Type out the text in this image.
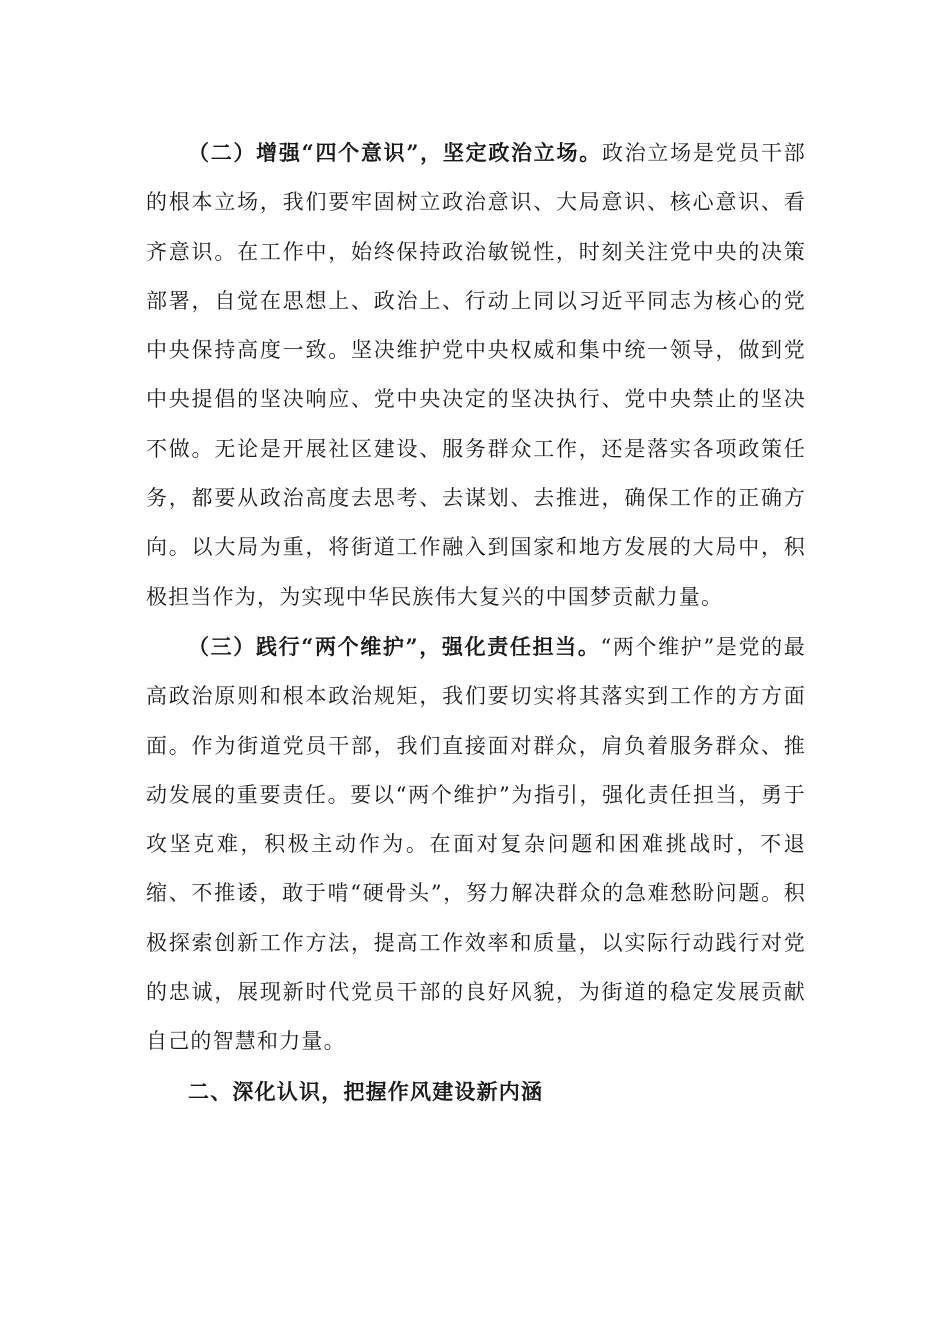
（二）增强“四个意识”，坚定政治立场。政治立场是党员干部的根本立场，我们要牢固树立政治意识、大局意识、核心意识、看齐意识。在工作中，始终保持政治敏锐性，时刻关注党中央的决策部署，自觉在思想上、政治上、行动上同以习近平同志为核心的党中央保持高度一致。坚决维护党中央权威和集中统一领导，做到党中央提倡的坚决响应、党中央决定的坚决执行、党中央禁止的坚决不做。无论是开展社区建设、服务群众工作，还是落实各项政策任务，都要从政治高度去思考、去谋划、去推进，确保工作的正确方向。以大局为重，将街道工作融入到国家和地方发展的大局中，积极担当作为，为实现中华民族伟大复兴的中国梦贡献力量。

（三）践行“两个维护”，强化责任担当。“两个维护”是党的最高政治原则和根本政治规矩，我们要切实将其落实到工作的方方面面。作为街道党员干部，我们直接面对群众，肩负着服务群众、推动发展的重要责任。要以“两个维护”为指引，强化责任担当，勇于攻坚克难，积极主动作为。在面对复杂问题和困难挑战时，不退缩、不推诿，敢于啃“硬骨头”，努力解决群众的急难愁盼问题。积极探索创新工作方法，提高工作效率和质量，以实际行动践行对党的忠诚，展现新时代党员干部的良好风貌，为街道的稳定发展贡献自己的智慧和力量。

二、深化认识，把握作风建设新内涵
